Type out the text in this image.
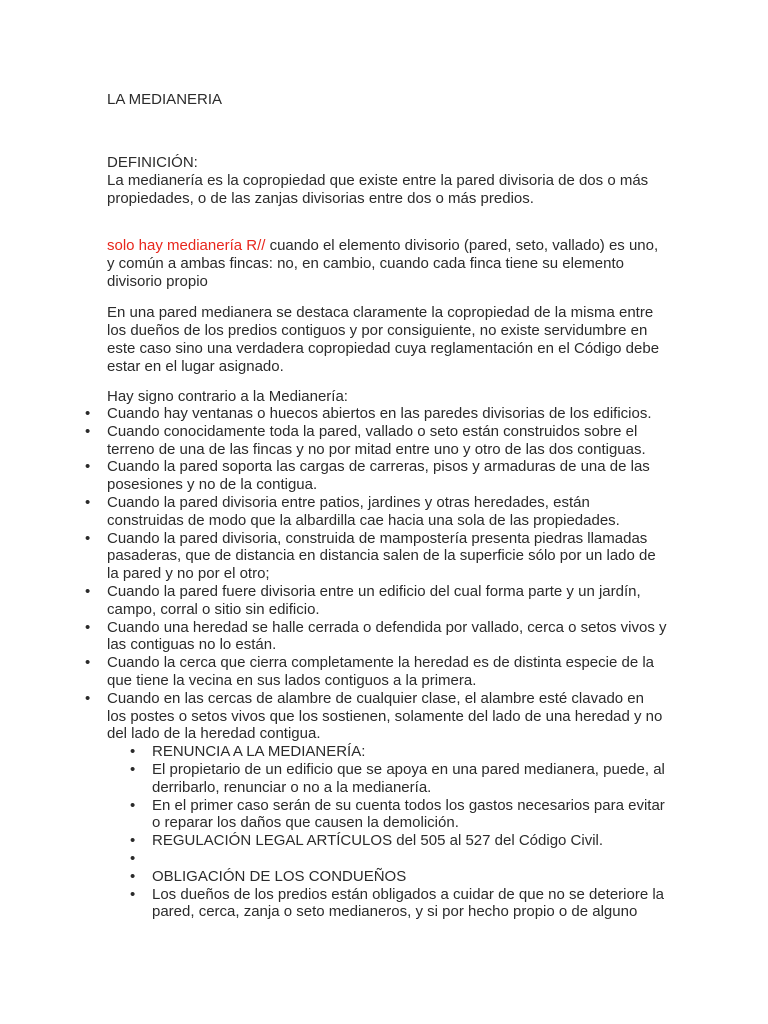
LA MEDIANERIA
DEFINICIÓN:
La medianería es la copropiedad que existe entre la pared divisoria de dos o más propiedades, o de las zanjas divisorias entre dos o más predios.

solo hay medianería R// cuando el elemento divisorio (pared, seto, vallado) es uno, y común a ambas fincas: no, en cambio, cuando cada finca tiene su elemento divisorio propio

En una pared medianera se destaca claramente la copropiedad de la misma entre los dueños de los predios contiguos y por consiguiente, no existe servidumbre en este caso sino una verdadera copropiedad cuya reglamentación en el Código debe estar en el lugar asignado.

Hay signo contrario a la Medianería:
• Cuando hay ventanas o huecos abiertos en las paredes divisorias de los edificios.
• Cuando conocidamente toda la pared, vallado o seto están construidos sobre el terreno de una de las fincas y no por mitad entre uno y otro de las dos contiguas.
• Cuando la pared soporta las cargas de carreras, pisos y armaduras de una de las posesiones y no de la contigua.
• Cuando la pared divisoria entre patios, jardines y otras heredades, están construidas de modo que la albardilla cae hacia una sola de las propiedades.
• Cuando la pared divisoria, construida de mampostería presenta piedras llamadas pasaderas, que de distancia en distancia salen de la superficie sólo por un lado de la pared y no por el otro;
• Cuando la pared fuere divisoria entre un edificio del cual forma parte y un jardín, campo, corral o sitio sin edificio.
• Cuando una heredad se halle cerrada o defendida por vallado, cerca o setos vivos y las contiguas no lo están.
• Cuando la cerca que cierra completamente la heredad es de distinta especie de la que tiene la vecina en sus lados contiguos a la primera.
• Cuando en las cercas de alambre de cualquier clase, el alambre esté clavado en los postes o setos vivos que los sostienen, solamente del lado de una heredad y no del lado de la heredad contigua.
• RENUNCIA A LA MEDIANERÍA:
• El propietario de un edificio que se apoya en una pared medianera, puede, al derribarlo, renunciar o no a la medianería.
• En el primer caso serán de su cuenta todos los gastos necesarios para evitar o reparar los daños que causen la demolición.
• REGULACIÓN LEGAL ARTÍCULOS del 505 al 527 del Código Civil.
•
• OBLIGACIÓN DE LOS CONDUEÑOS
• Los dueños de los predios están obligados a cuidar de que no se deteriore la pared, cerca, zanja o seto medianeros, y si por hecho propio o de alguno
